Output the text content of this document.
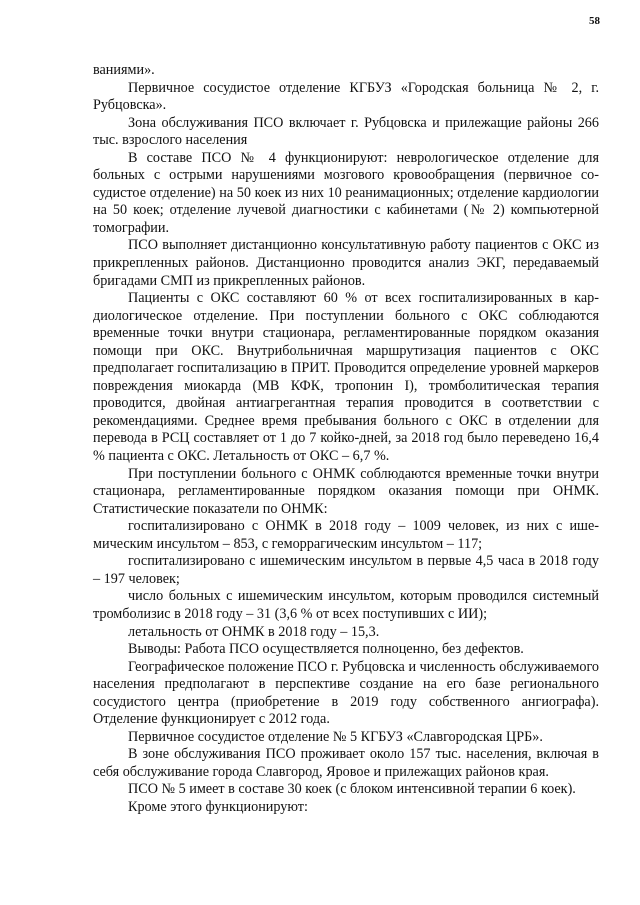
58

ваниями».

Первичное сосудистое отделение КГБУЗ «Городская больница № 2, г. Рубцовска».

Зона обслуживания ПСО включает г. Рубцовска и прилежащие районы 266 тыс. взрослого населения

В составе ПСО № 4 функционируют: неврологическое отделение для больных с острыми нарушениями мозгового кровообращения (первичное сосудистое отделение) на 50 коек из них 10 реанимационных; отделение кардиологии на 50 коек; отделение лучевой диагностики с кабинетами (№ 2) компьютерной томографии.

ПСО выполняет дистанционно консультативную работу пациентов с ОКС из прикрепленных районов. Дистанционно проводится анализ ЭКГ, передаваемый бригадами СМП из прикрепленных районов.

Пациенты с ОКС составляют 60 % от всех госпитализированных в кардиологическое отделение. При поступлении больного с ОКС соблюдаются временные точки внутри стационара, регламентированные порядком оказания помощи при ОКС. Внутрибольничная маршрутизация пациентов с ОКС предполагает госпитализацию в ПРИТ. Проводится определение уровней маркеров повреждения миокарда (МВ КФК, тропонин I), тромболитическая терапия проводится, двойная антиагрегантная терапия проводится в соответствии с рекомендациями. Среднее время пребывания больного с ОКС в отделении для перевода в РСЦ составляет от 1 до 7 койко-дней, за 2018 год было переведено 16,4 % пациента с ОКС. Летальность от ОКС – 6,7 %.

При поступлении больного с ОНМК соблюдаются временные точки внутри стационара, регламентированные порядком оказания помощи при ОНМК. Статистические показатели по ОНМК:

госпитализировано с ОНМК в 2018 году – 1009 человек, из них с ишемическим инсультом – 853, с геморрагическим инсультом – 117;

госпитализировано с ишемическим инсультом в первые 4,5 часа в 2018 году – 197 человек;

число больных с ишемическим инсультом, которым проводился системный тромболизис в 2018 году – 31 (3,6 % от всех поступивших с ИИ);

летальность от ОНМК в 2018 году – 15,3.

Выводы: Работа ПСО осуществляется полноценно, без дефектов.

Географическое положение ПСО г. Рубцовска и численность обслуживаемого населения предполагают в перспективе создание на его базе регионального сосудистого центра (приобретение в 2019 году собственного ангиографа). Отделение функционирует с 2012 года.

Первичное сосудистое отделение № 5 КГБУЗ «Славгородская ЦРБ».

В зоне обслуживания ПСО проживает около 157 тыс. населения, включая в себя обслуживание города Славгород, Яровое и прилежащих районов края.

ПСО № 5 имеет в составе 30 коек (с блоком интенсивной терапии 6 коек).

Кроме этого функционируют:
